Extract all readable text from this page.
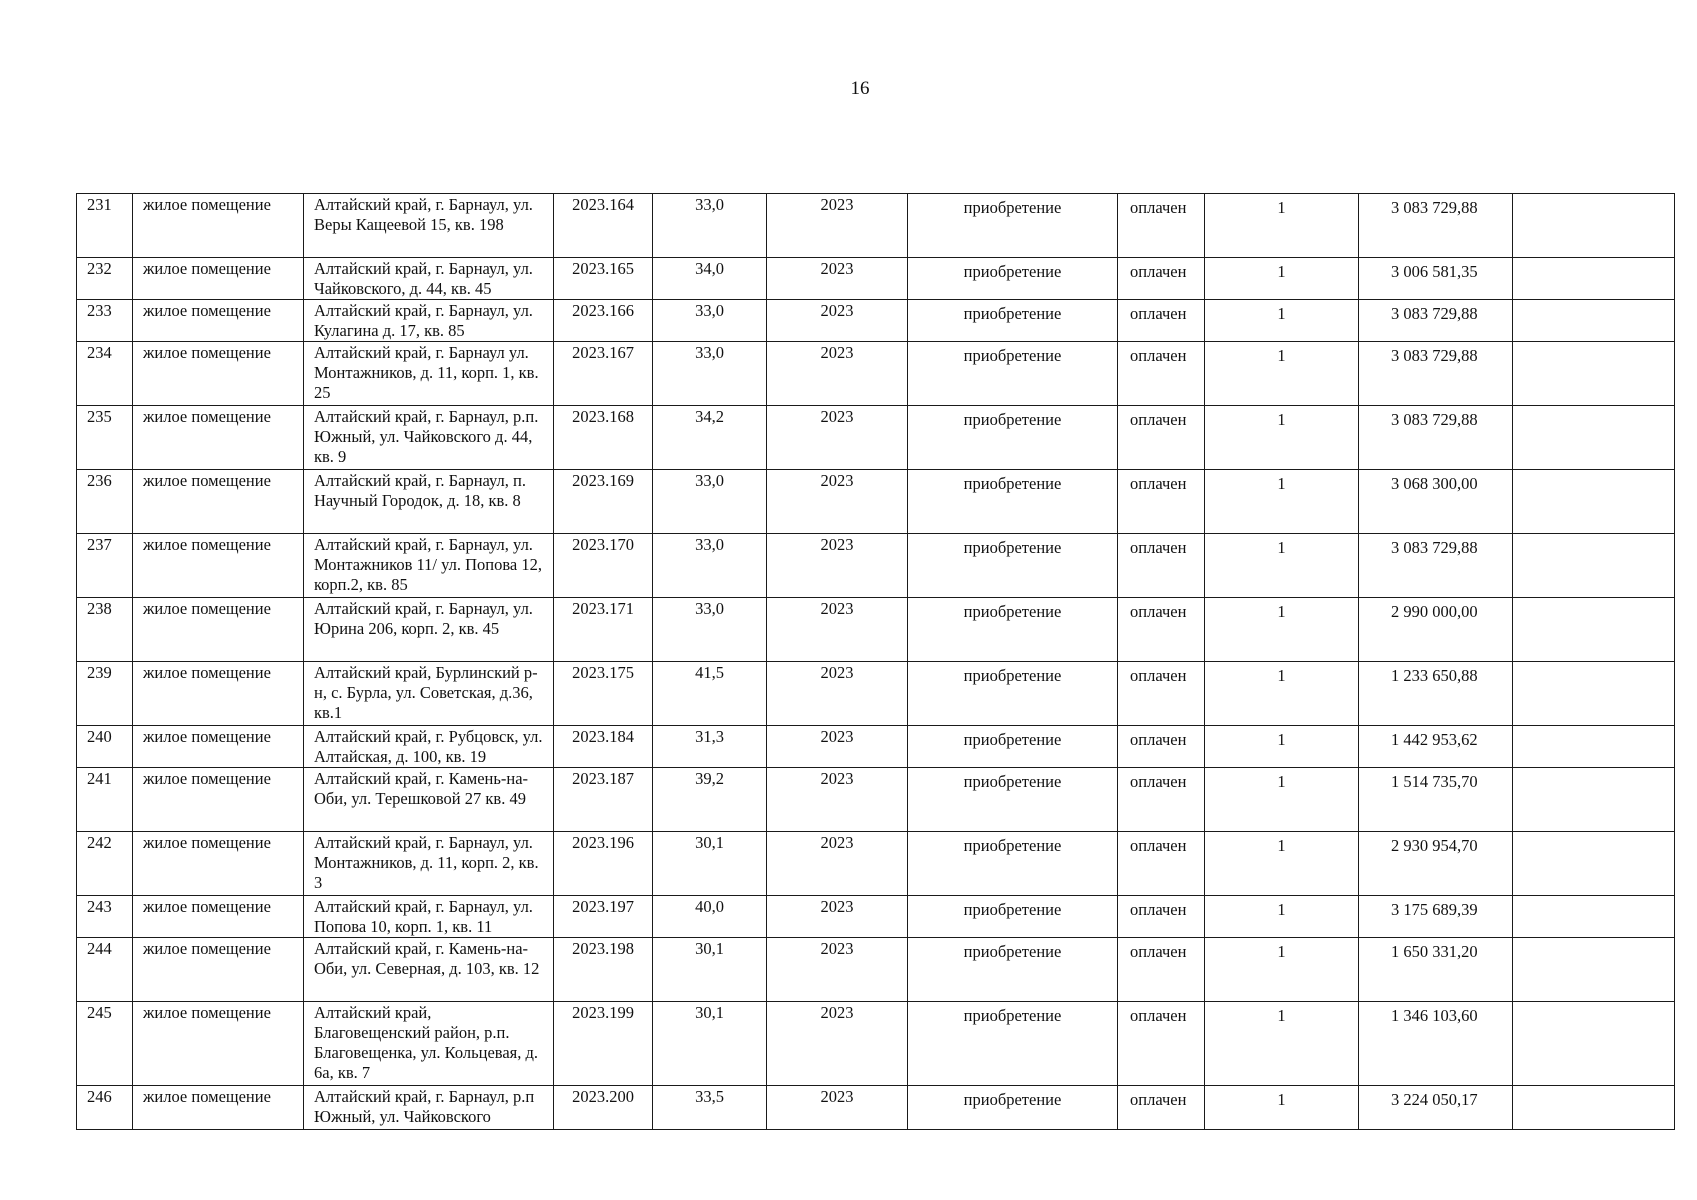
16
231	жилое помещение	Алтайский край, г. Барнаул, ул. Веры Кащеевой 15, кв. 198	2023.164	33,0	2023	приобретение	оплачен	1	3 083 729,88	
232	жилое помещение	Алтайский край, г. Барнаул, ул. Чайковского, д. 44, кв. 45	2023.165	34,0	2023	приобретение	оплачен	1	3 006 581,35	
233	жилое помещение	Алтайский край, г. Барнаул, ул. Кулагина д. 17, кв. 85	2023.166	33,0	2023	приобретение	оплачен	1	3 083 729,88	
234	жилое помещение	Алтайский край, г. Барнаул ул. Монтажников, д. 11, корп. 1, кв. 25	2023.167	33,0	2023	приобретение	оплачен	1	3 083 729,88	
235	жилое помещение	Алтайский край, г. Барнаул, р.п. Южный, ул. Чайковского д. 44, кв. 9	2023.168	34,2	2023	приобретение	оплачен	1	3 083 729,88	
236	жилое помещение	Алтайский край, г. Барнаул, п. Научный Городок, д. 18, кв. 8	2023.169	33,0	2023	приобретение	оплачен	1	3 068 300,00	
237	жилое помещение	Алтайский край, г. Барнаул, ул. Монтажников 11/ ул. Попова 12, корп.2, кв. 85	2023.170	33,0	2023	приобретение	оплачен	1	3 083 729,88	
238	жилое помещение	Алтайский край, г. Барнаул, ул. Юрина 206, корп. 2, кв. 45	2023.171	33,0	2023	приобретение	оплачен	1	2 990 000,00	
239	жилое помещение	Алтайский край, Бурлинский р-н, с. Бурла, ул. Советская, д.36, кв.1	2023.175	41,5	2023	приобретение	оплачен	1	1 233 650,88	
240	жилое помещение	Алтайский край, г. Рубцовск, ул. Алтайская, д. 100, кв. 19	2023.184	31,3	2023	приобретение	оплачен	1	1 442 953,62	
241	жилое помещение	Алтайский край, г. Камень-на-Оби, ул. Терешковой 27 кв. 49	2023.187	39,2	2023	приобретение	оплачен	1	1 514 735,70	
242	жилое помещение	Алтайский край, г. Барнаул, ул. Монтажников, д. 11, корп. 2, кв. 3	2023.196	30,1	2023	приобретение	оплачен	1	2 930 954,70	
243	жилое помещение	Алтайский край, г. Барнаул, ул. Попова 10, корп. 1, кв. 11	2023.197	40,0	2023	приобретение	оплачен	1	3 175 689,39	
244	жилое помещение	Алтайский край, г. Камень-на-Оби, ул. Северная, д. 103, кв. 12	2023.198	30,1	2023	приобретение	оплачен	1	1 650 331,20	
245	жилое помещение	Алтайский край, Благовещенский район, р.п. Благовещенка, ул. Кольцевая, д. 6а, кв. 7	2023.199	30,1	2023	приобретение	оплачен	1	1 346 103,60	
246	жилое помещение	Алтайский край, г. Барнаул, р.п Южный, ул. Чайковского	2023.200	33,5	2023	приобретение	оплачен	1	3 224 050,17	
